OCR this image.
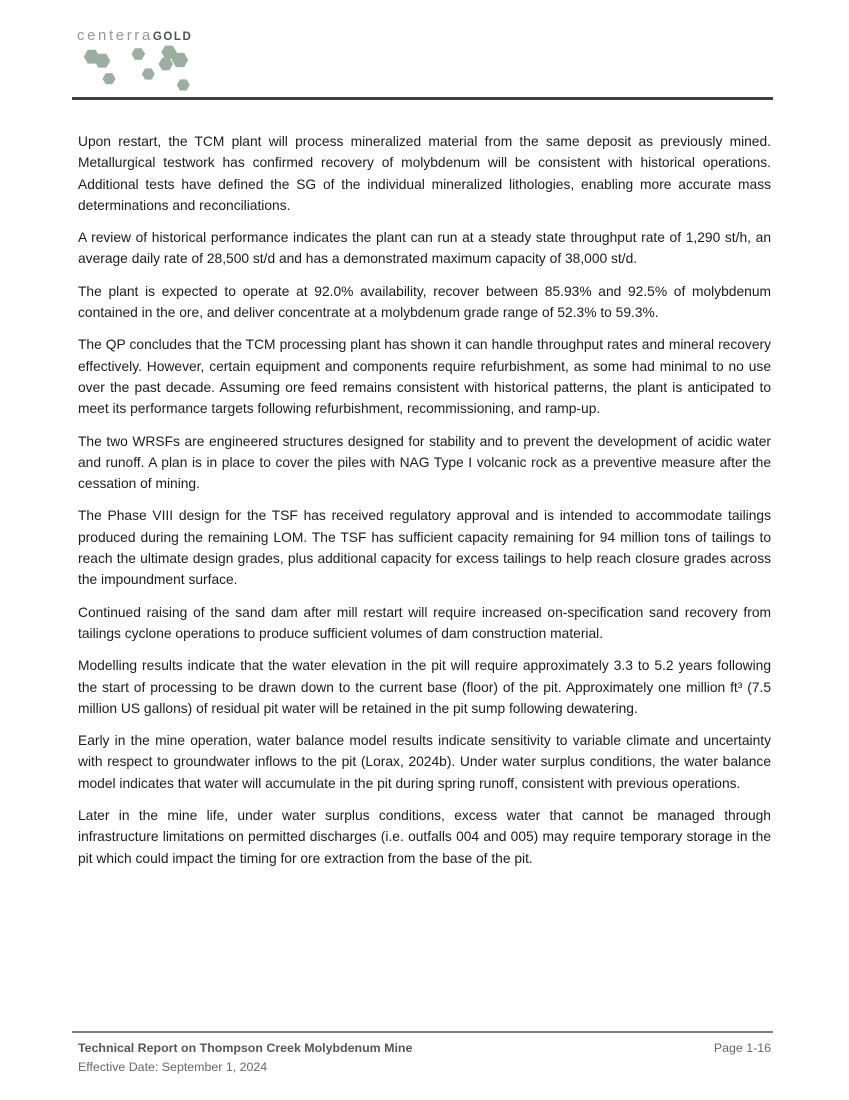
centerraGOLD

Upon restart, the TCM plant will process mineralized material from the same deposit as previously mined. Metallurgical testwork has confirmed recovery of molybdenum will be consistent with historical operations. Additional tests have defined the SG of the individual mineralized lithologies, enabling more accurate mass determinations and reconciliations.

A review of historical performance indicates the plant can run at a steady state throughput rate of 1,290 st/h, an average daily rate of 28,500 st/d and has a demonstrated maximum capacity of 38,000 st/d.

The plant is expected to operate at 92.0% availability, recover between 85.93% and 92.5% of molybdenum contained in the ore, and deliver concentrate at a molybdenum grade range of 52.3% to 59.3%.

The QP concludes that the TCM processing plant has shown it can handle throughput rates and mineral recovery effectively. However, certain equipment and components require refurbishment, as some had minimal to no use over the past decade. Assuming ore feed remains consistent with historical patterns, the plant is anticipated to meet its performance targets following refurbishment, recommissioning, and ramp-up.

The two WRSFs are engineered structures designed for stability and to prevent the development of acidic water and runoff. A plan is in place to cover the piles with NAG Type I volcanic rock as a preventive measure after the cessation of mining.

The Phase VIII design for the TSF has received regulatory approval and is intended to accommodate tailings produced during the remaining LOM. The TSF has sufficient capacity remaining for 94 million tons of tailings to reach the ultimate design grades, plus additional capacity for excess tailings to help reach closure grades across the impoundment surface.

Continued raising of the sand dam after mill restart will require increased on-specification sand recovery from tailings cyclone operations to produce sufficient volumes of dam construction material.

Modelling results indicate that the water elevation in the pit will require approximately 3.3 to 5.2 years following the start of processing to be drawn down to the current base (floor) of the pit. Approximately one million ft³ (7.5 million US gallons) of residual pit water will be retained in the pit sump following dewatering.

Early in the mine operation, water balance model results indicate sensitivity to variable climate and uncertainty with respect to groundwater inflows to the pit (Lorax, 2024b). Under water surplus conditions, the water balance model indicates that water will accumulate in the pit during spring runoff, consistent with previous operations.

Later in the mine life, under water surplus conditions, excess water that cannot be managed through infrastructure limitations on permitted discharges (i.e. outfalls 004 and 005) may require temporary storage in the pit which could impact the timing for ore extraction from the base of the pit.

Technical Report on Thompson Creek Molybdenum Mine
Effective Date: September 1, 2024
Page 1-16
